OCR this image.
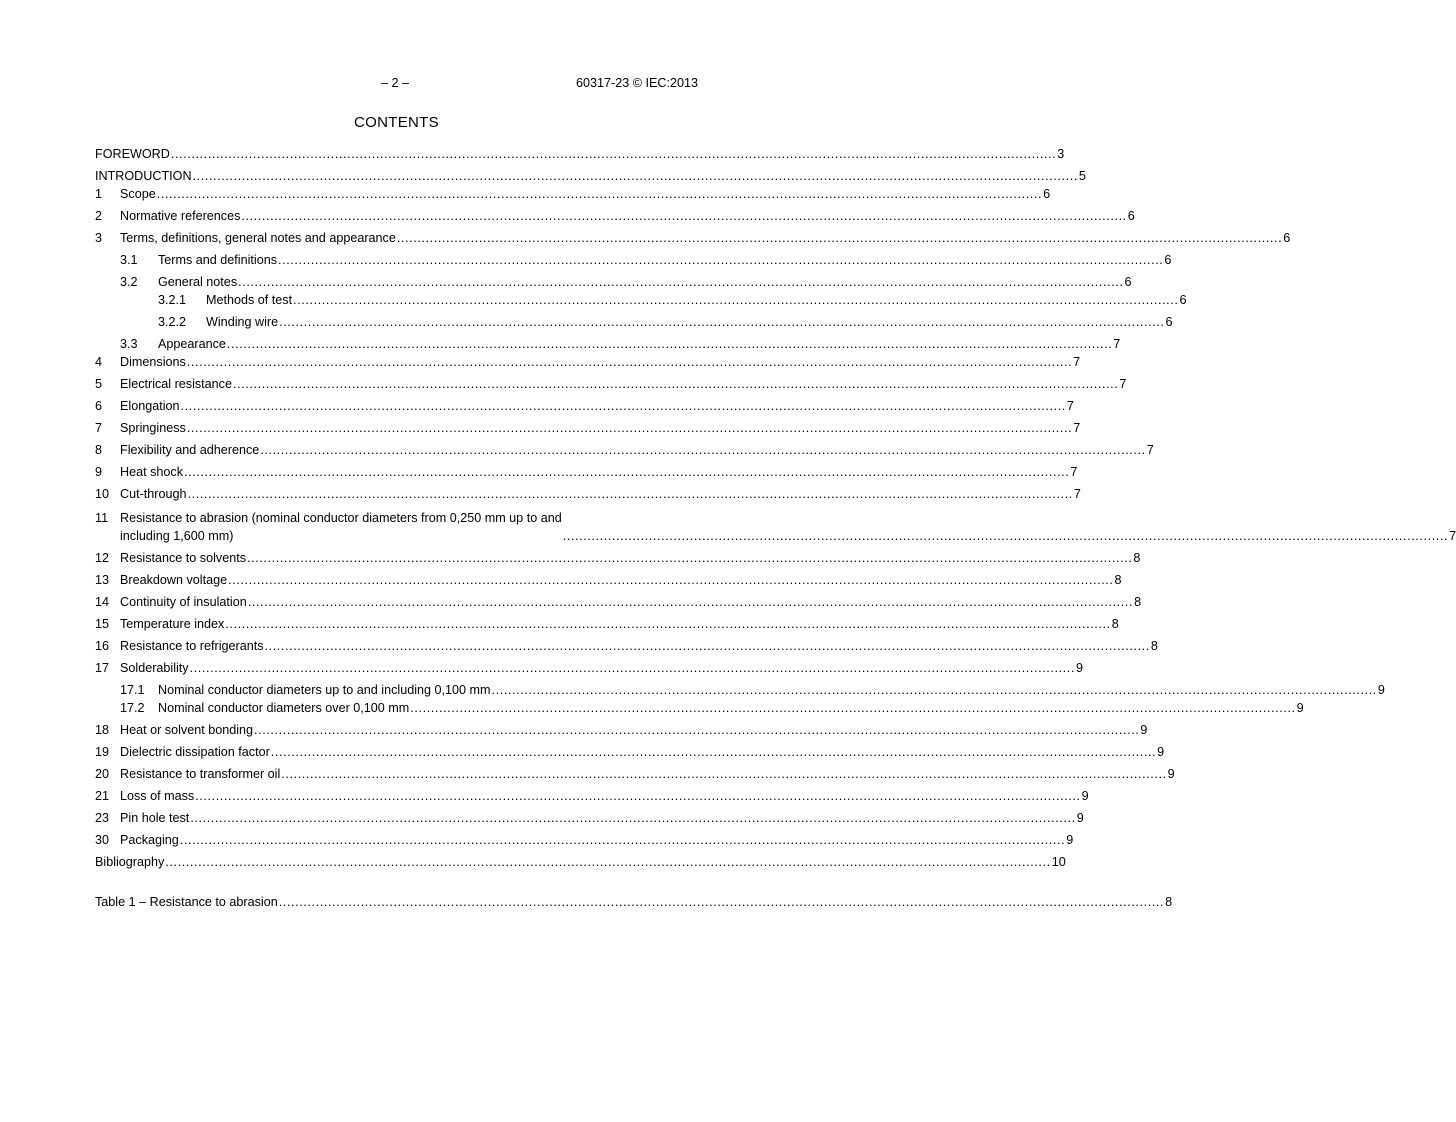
– 2 –	60317-23 © IEC:2013
CONTENTS
FOREWORD .....	3
INTRODUCTION .....	5
1	Scope .....	6
2	Normative references .....	6
3	Terms, definitions, general notes and appearance .....	6
3.1	Terms and definitions .....	6
3.2	General notes .....	6
3.2.1	Methods of test .....	6
3.2.2	Winding wire .....	6
3.3	Appearance .....	7
4	Dimensions .....	7
5	Electrical resistance .....	7
6	Elongation .....	7
7	Springiness .....	7
8	Flexibility and adherence .....	7
9	Heat shock .....	7
10 Cut-through .....	7
11 Resistance to abrasion (nominal conductor diameters from 0,250 mm up to and
including 1,600 mm) .....	7
12 Resistance to solvents .....	8
13 Breakdown voltage .....	8
14 Continuity of insulation .....	8
15 Temperature index .....	8
16 Resistance to refrigerants .....	8
17 Solderability .....	9
17.1	Nominal conductor diameters up to and including 0,100 mm .....	9
17.2	Nominal conductor diameters over 0,100 mm .....	9
18 Heat or solvent bonding .....	9
19 Dielectric dissipation factor .....	9
20 Resistance to transformer oil .....	9
21 Loss of mass .....	9
23 Pin hole test .....	9
30 Packaging .....	9
Bibliography .....	10
Table 1 – Resistance to abrasion .....	8
